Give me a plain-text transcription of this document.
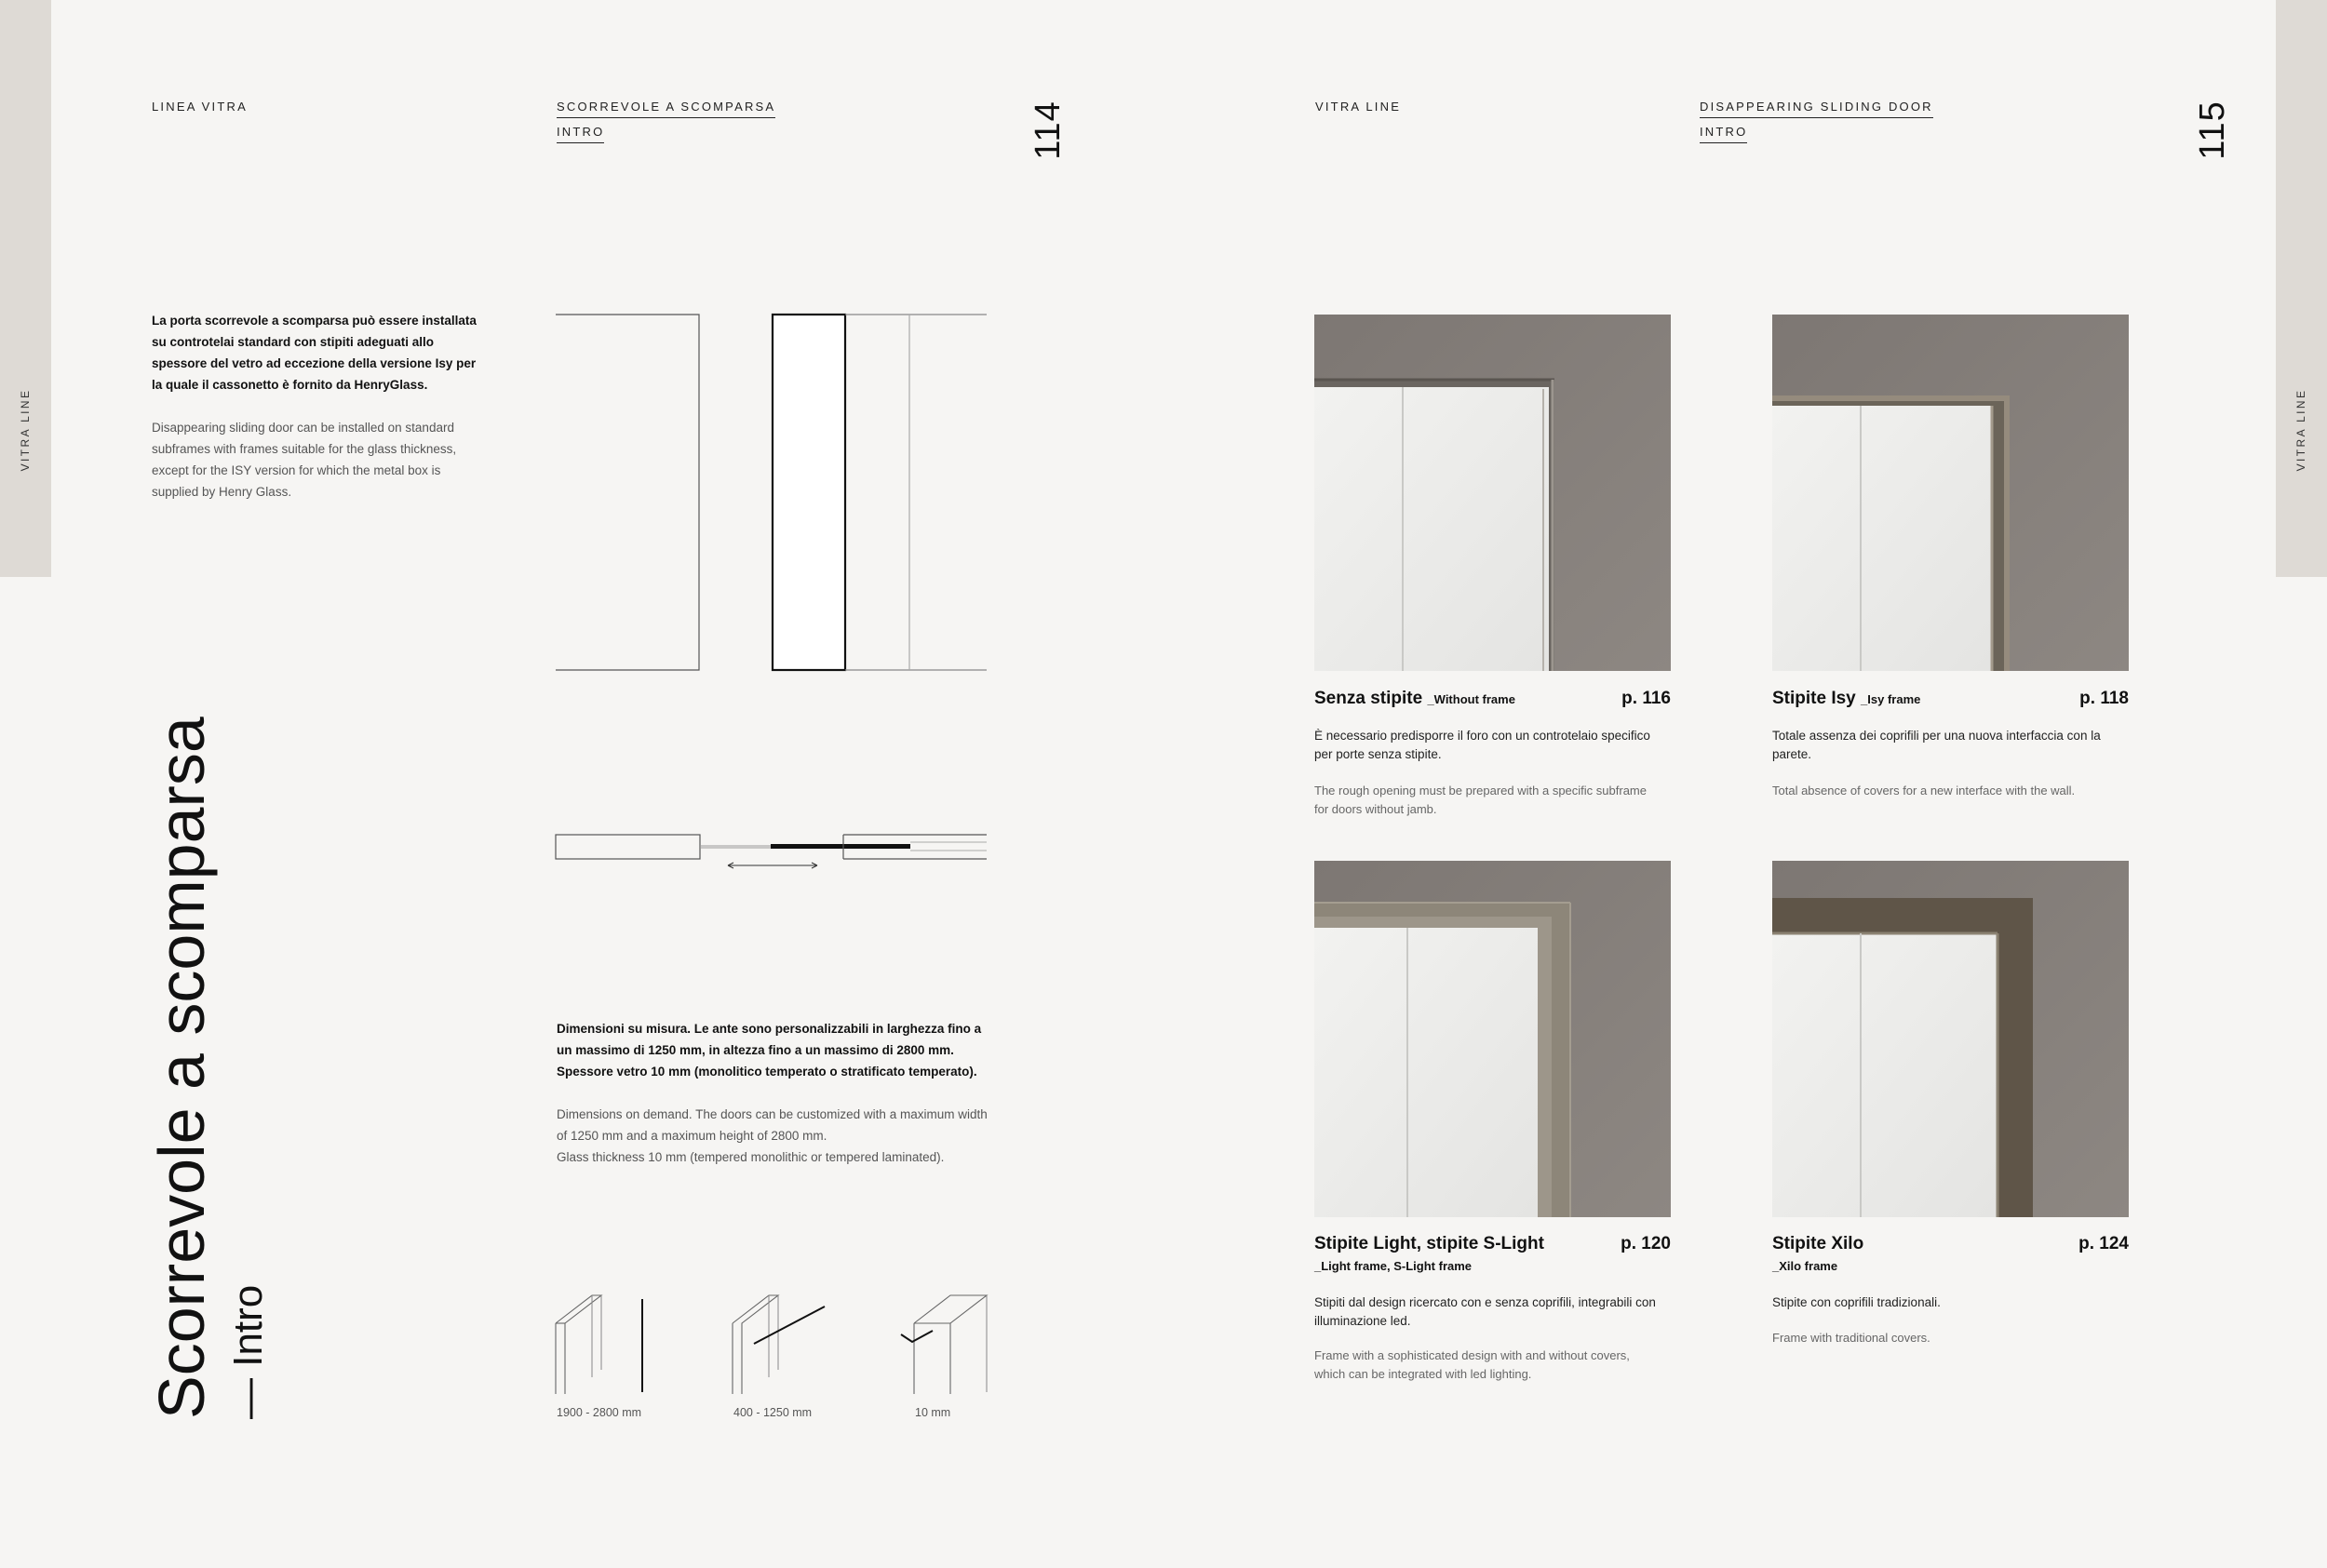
VITRA LINE
LINEA VITRA	SCORREVOLE A SCOMPARSA
INTRO	114

La porta scorrevole a scomparsa può essere installata su controtelai standard con stipiti adeguati allo spessore del vetro ad eccezione della versione Isy per la quale il cassonetto è fornito da HenryGlass.

Disappearing sliding door can be installed on standard subframes with frames suitable for the glass thickness, except for the ISY version for which the metal box is supplied by Henry Glass.

Scorrevole a scomparsa — Intro

Dimensioni su misura. Le ante sono personalizzabili in larghezza fino a un massimo di 1250 mm, in altezza fino a un massimo di 2800 mm. Spessore vetro 10 mm (monolitico temperato o stratificato temperato).

Dimensions on demand. The doors can be customized with a maximum width of 1250 mm and a maximum height of 2800 mm.

Glass thickness 10 mm (tempered monolithic or tempered laminated).

1900 - 2800 mm	400 - 1250 mm	10 mm
VITRA LINE
VITRA LINE	DISAPPEARING SLIDING DOOR
INTRO	115
Senza stipite _Without frame	p. 116

È necessario predisporre il foro con un controtelaio specifico per porte senza stipite.

The rough opening must be prepared with a specific subframe for doors without jamb.

Stipite Isy _Isy frame	p. 118

Totale assenza dei coprifili per una nuova interfaccia con la parete.

Total absence of covers for a new interface with the wall.

Stipite Light, stipite S-Light	p. 120
_Light frame, S-Light frame

Stipiti dal design ricercato con e senza coprifili, integrabili con illuminazione led.

Frame with a sophisticated design with and without covers, which can be integrated with led lighting.

Stipite Xilo	p. 124
_Xilo frame

Stipite con coprifili tradizionali.

Frame with traditional covers.
